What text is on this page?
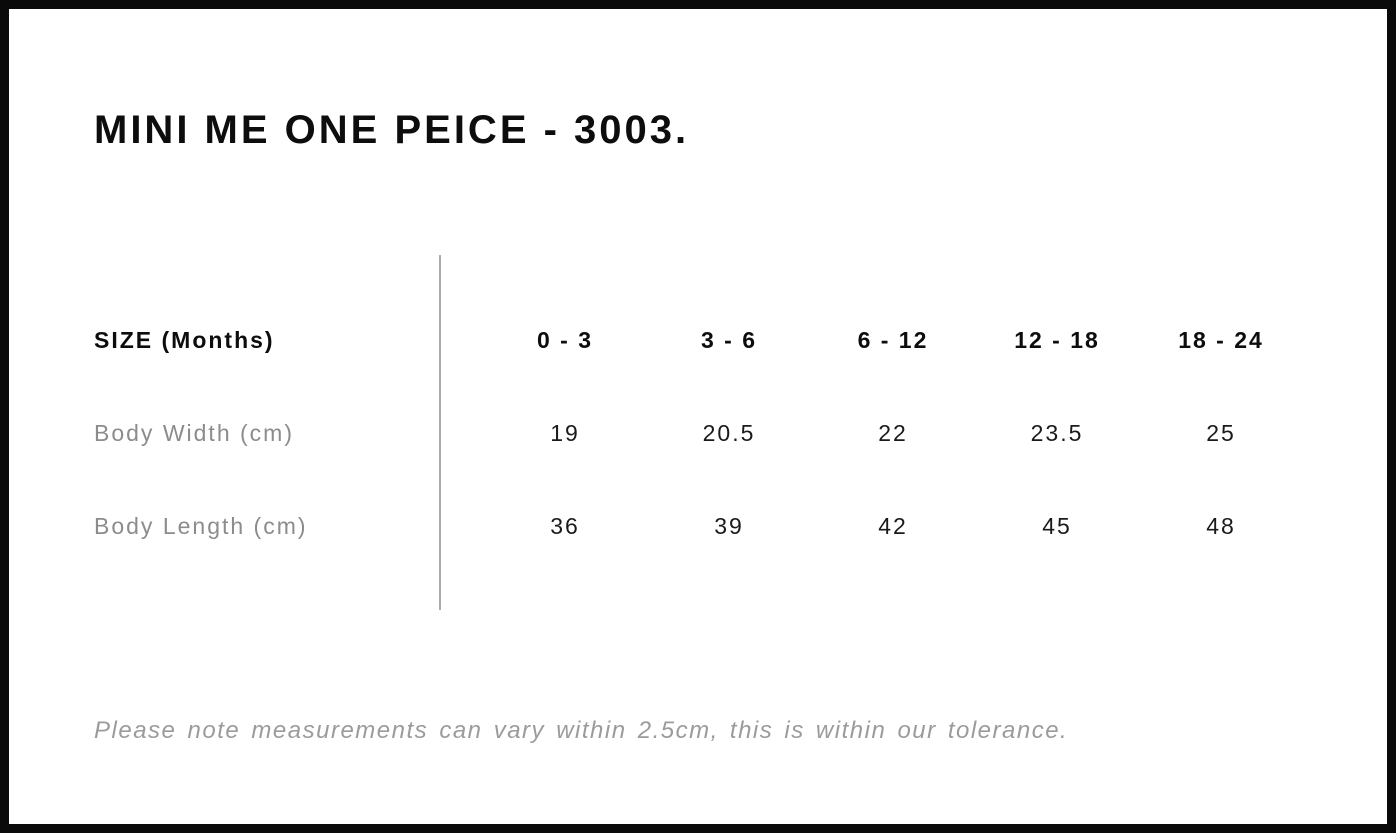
MINI ME ONE PEICE - 3003.
SIZE (Months)	0 - 3	3 - 6	6 - 12	12 - 18	18 - 24
Body Width (cm)	19	20.5	22	23.5	25
Body Length (cm)	36	39	42	45	48

Please note measurements can vary within 2.5cm, this is within our tolerance.
